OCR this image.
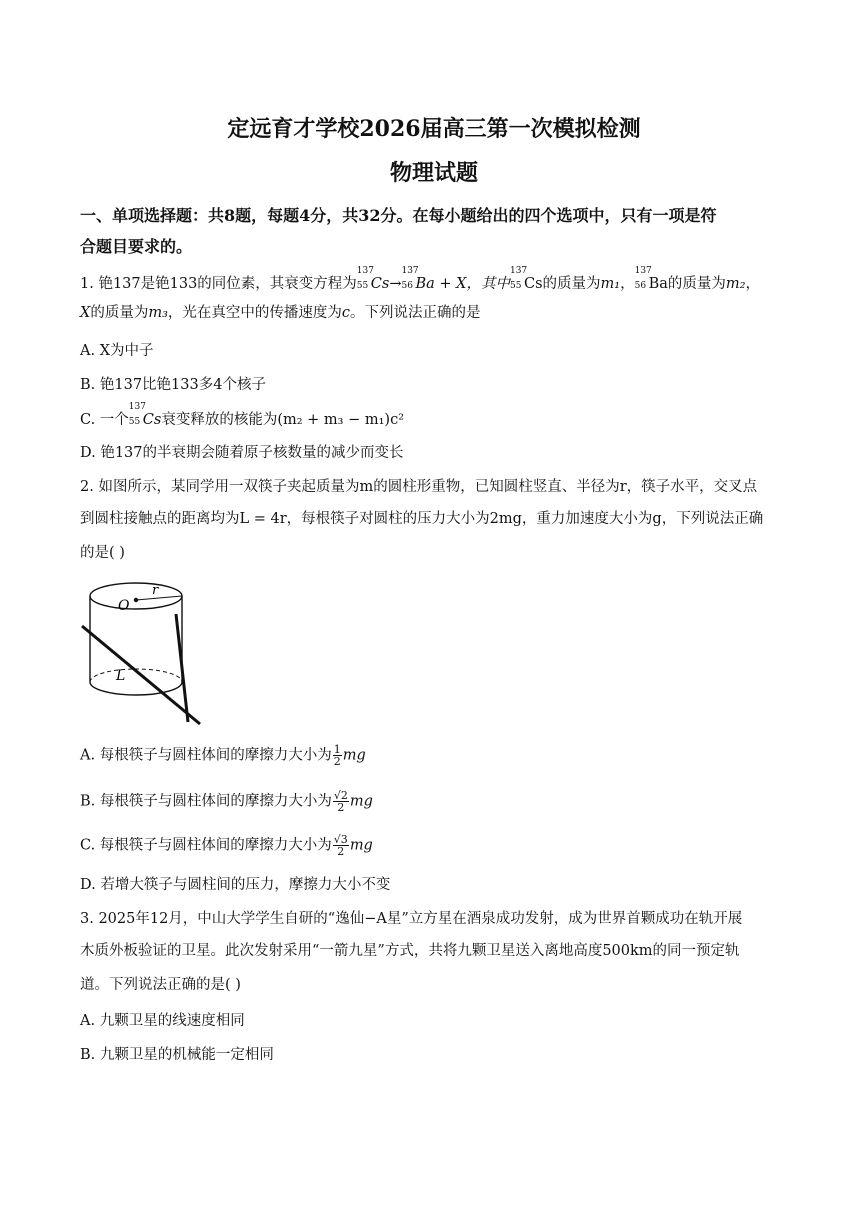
定远育才学校2026届高三第一次模拟检测
物理试题
一、单项选择题：共8题，每题4分，共32分。在每小题给出的四个选项中，只有一项是符
合题目要求的。
1. 铯137是铯133的同位素，其衰变方程为
137
55 Cs→
137
56 Ba + X，其中
137
55 Cs的质量为m₁，
137
56 Ba的质量为m₂，
X的质量为m₃，光在真空中的传播速度为c。下列说法正确的是
A. X为中子
B. 铯137比铯133多4个核子
C. 一个
137
55 Cs衰变释放的核能为(m₂ + m₃ − m₁)c²
D. 铯137的半衰期会随着原子核数量的减少而变长
2. 如图所示，某同学用一双筷子夹起质量为m的圆柱形重物，已知圆柱竖直、半径为r，筷子水平，交叉点
到圆柱接触点的距离均为L = 4r，每根筷子对圆柱的压力大小为2mg，重力加速度大小为g，下列说法正确
的是( )
O
r
L
A. 每根筷子与圆柱体间的摩擦力大小为 $\frac{1}{2}$ mg
B. 每根筷子与圆柱体间的摩擦力大小为 $\frac{√2}{2}$ mg
C. 每根筷子与圆柱体间的摩擦力大小为 $\frac{√3}{2}$ mg
D. 若增大筷子与圆柱间的压力，摩擦力大小不变
3. 2025年12月，中山大学学生自研的“逸仙−A星”立方星在酒泉成功发射，成为世界首颗成功在轨开展
木质外板验证的卫星。此次发射采用“一箭九星”方式，共将九颗卫星送入离地高度500km的同一预定轨
道。下列说法正确的是( )
A. 九颗卫星的线速度相同
B. 九颗卫星的机械能一定相同
